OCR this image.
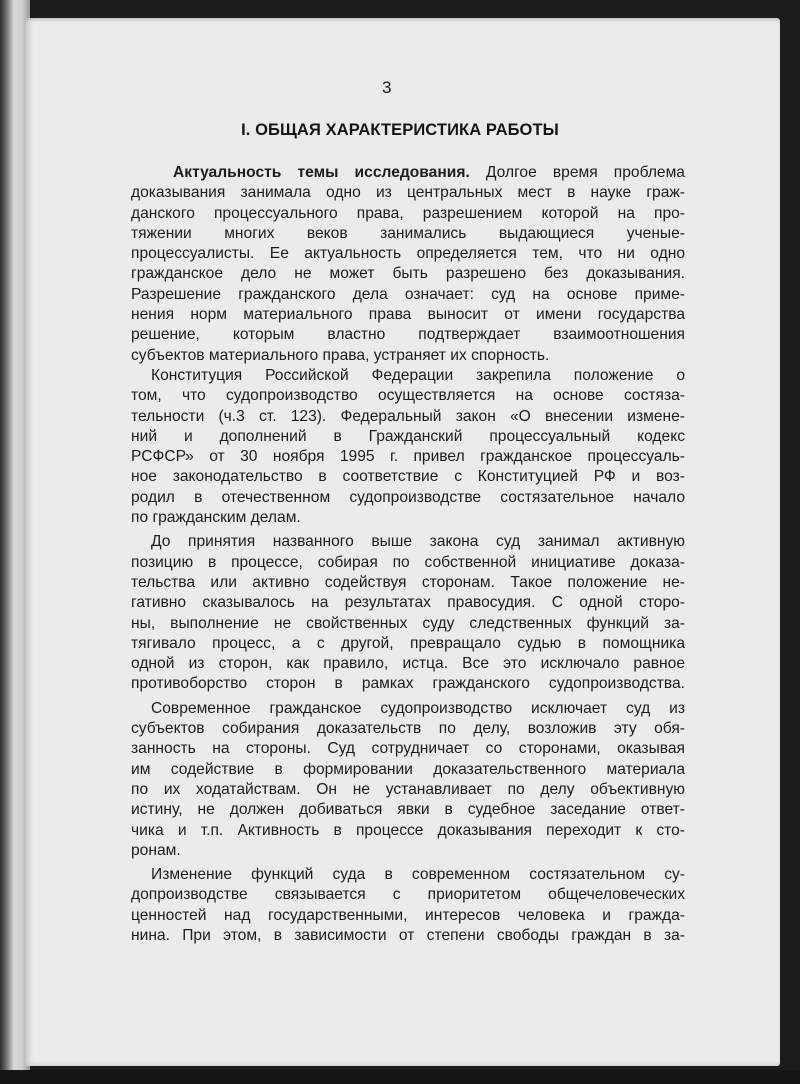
3
I. ОБЩАЯ ХАРАКТЕРИСТИКА РАБОТЫ
Актуальность темы исследования. Долгое время проблема
доказывания занимала одно из центральных мест в науке граж-
данского процессуального права, разрешением которой на про-
тяжении многих веков занимались выдающиеся ученые-
процессуалисты. Ее актуальность определяется тем, что ни одно
гражданское дело не может быть разрешено без доказывания.
Разрешение гражданского дела означает: суд на основе приме-
нения норм материального права выносит от имени государства
решение, которым властно подтверждает взаимоотношения
субъектов материального права, устраняет их спорность.
Конституция Российской Федерации закрепила положение о
том, что судопроизводство осуществляется на основе состяза-
тельности (ч.3 ст. 123). Федеральный закон «О внесении измене-
ний и дополнений в Гражданский процессуальный кодекс
РСФСР» от 30 ноября 1995 г. привел гражданское процессуаль-
ное законодательство в соответствие с Конституцией РФ и воз-
родил в отечественном судопроизводстве состязательное начало
по гражданским делам.
До принятия названного выше закона суд занимал активную
позицию в процессе, собирая по собственной инициативе доказа-
тельства или активно содействуя сторонам. Такое положение не-
гативно сказывалось на результатах правосудия. С одной сторо-
ны, выполнение не свойственных суду следственных функций за-
тягивало процесс, а с другой, превращало судью в помощника
одной из сторон, как правило, истца. Все это исключало равное
противоборство сторон в рамках гражданского судопроизводства.
Современное гражданское судопроизводство исключает суд из
субъектов собирания доказательств по делу, возложив эту обя-
занность на стороны. Суд сотрудничает со сторонами, оказывая
им содействие в формировании доказательственного материала
по их ходатайствам. Он не устанавливает по делу объективную
истину, не должен добиваться явки в судебное заседание ответ-
чика и т.п. Активность в процессе доказывания переходит к сто-
ронам.
Изменение функций суда в современном состязательном су-
допроизводстве связывается с приоритетом общечеловеческих
ценностей над государственными, интересов человека и гражда-
нина. При этом, в зависимости от степени свободы граждан в за-
